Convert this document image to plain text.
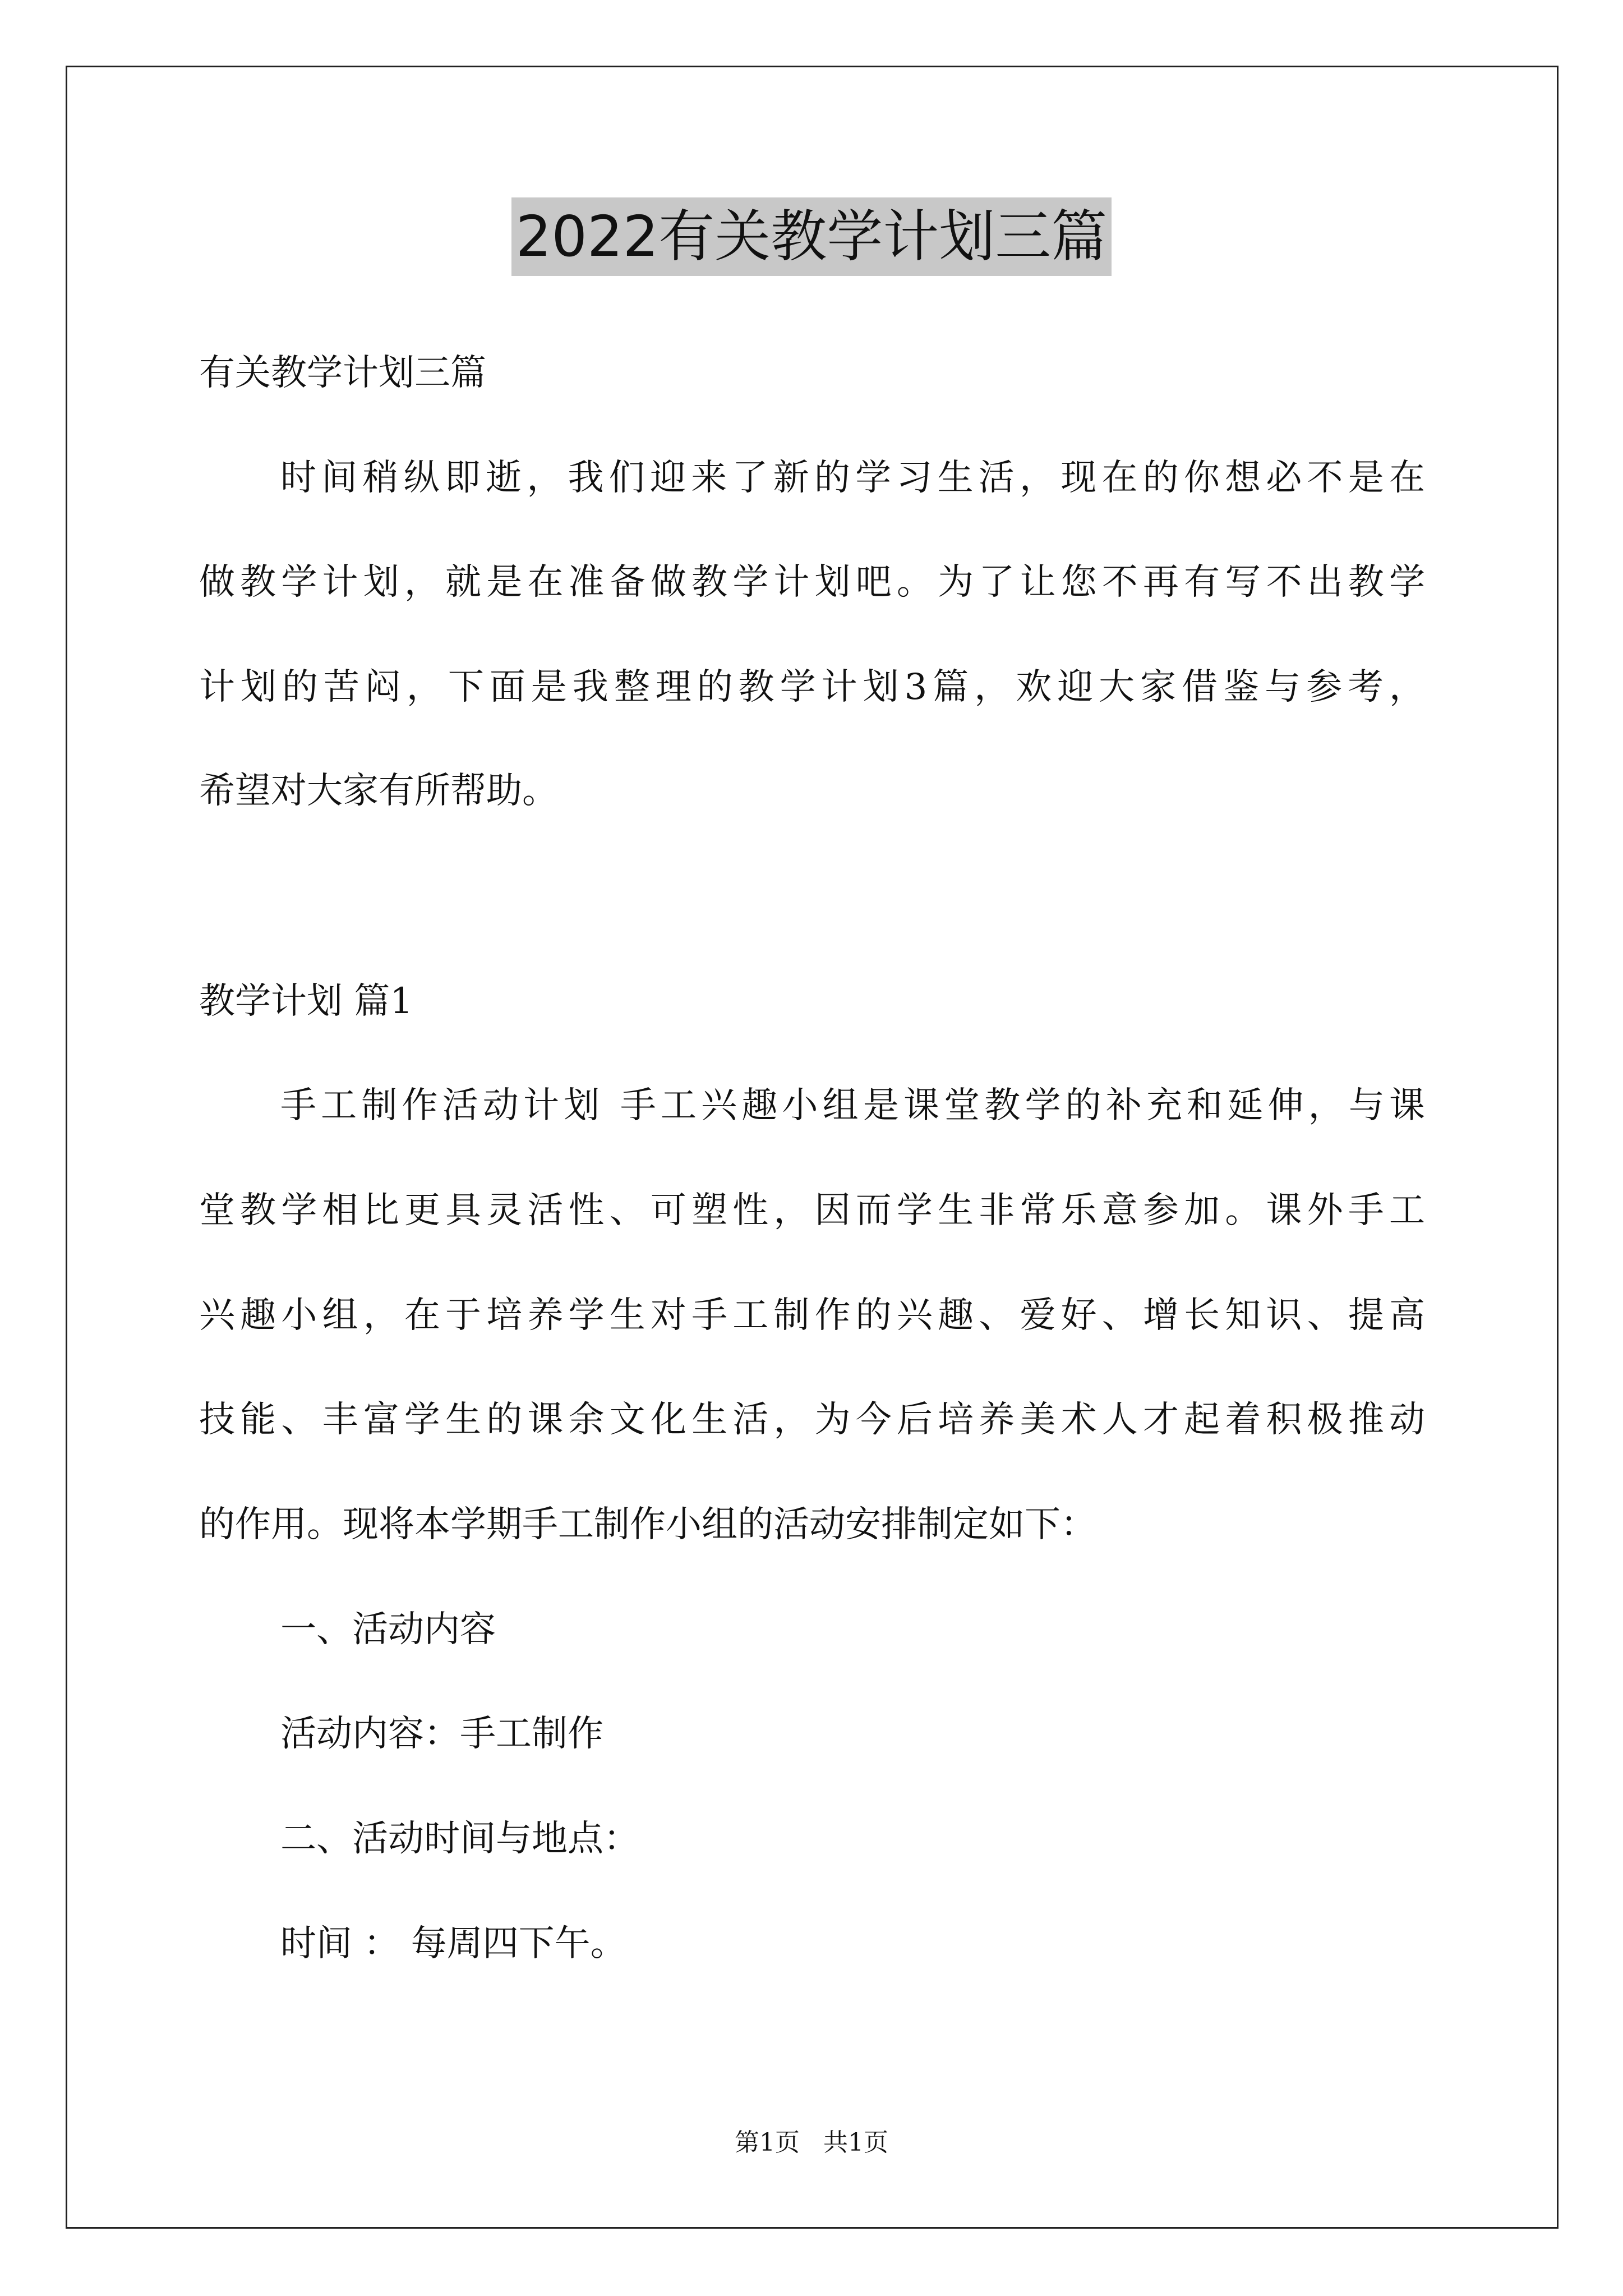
2022有关教学计划三篇
有关教学计划三篇
时间稍纵即逝，我们迎来了新的学习生活，现在的你想必不是在
做教学计划，就是在准备做教学计划吧。为了让您不再有写不出教学
计划的苦闷，下面是我整理的教学计划3篇，欢迎大家借鉴与参考，
希望对大家有所帮助。
教学计划 篇1
手工制作活动计划 手工兴趣小组是课堂教学的补充和延伸，与课
堂教学相比更具灵活性、可塑性，因而学生非常乐意参加。课外手工
兴趣小组，在于培养学生对手工制作的兴趣、爱好、增长知识、提高
技能、丰富学生的课余文化生活，为今后培养美术人才起着积极推动
的作用。现将本学期手工制作小组的活动安排制定如下：
一、活动内容
活动内容：手工制作
二、活动时间与地点：
时间 ： 每周四下午。
第1页 共1页
